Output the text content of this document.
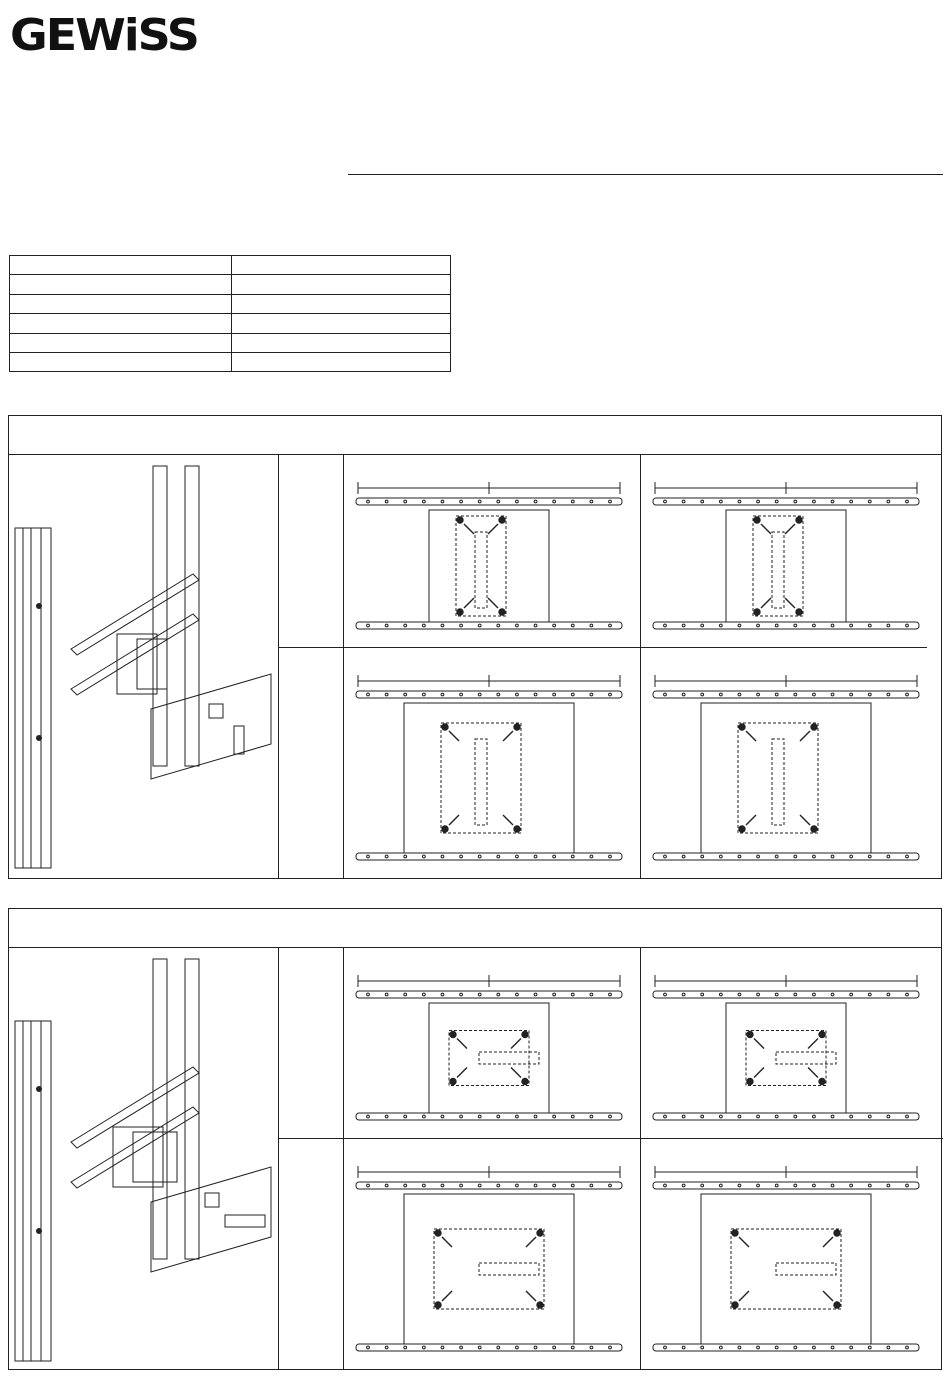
GEWiSS
